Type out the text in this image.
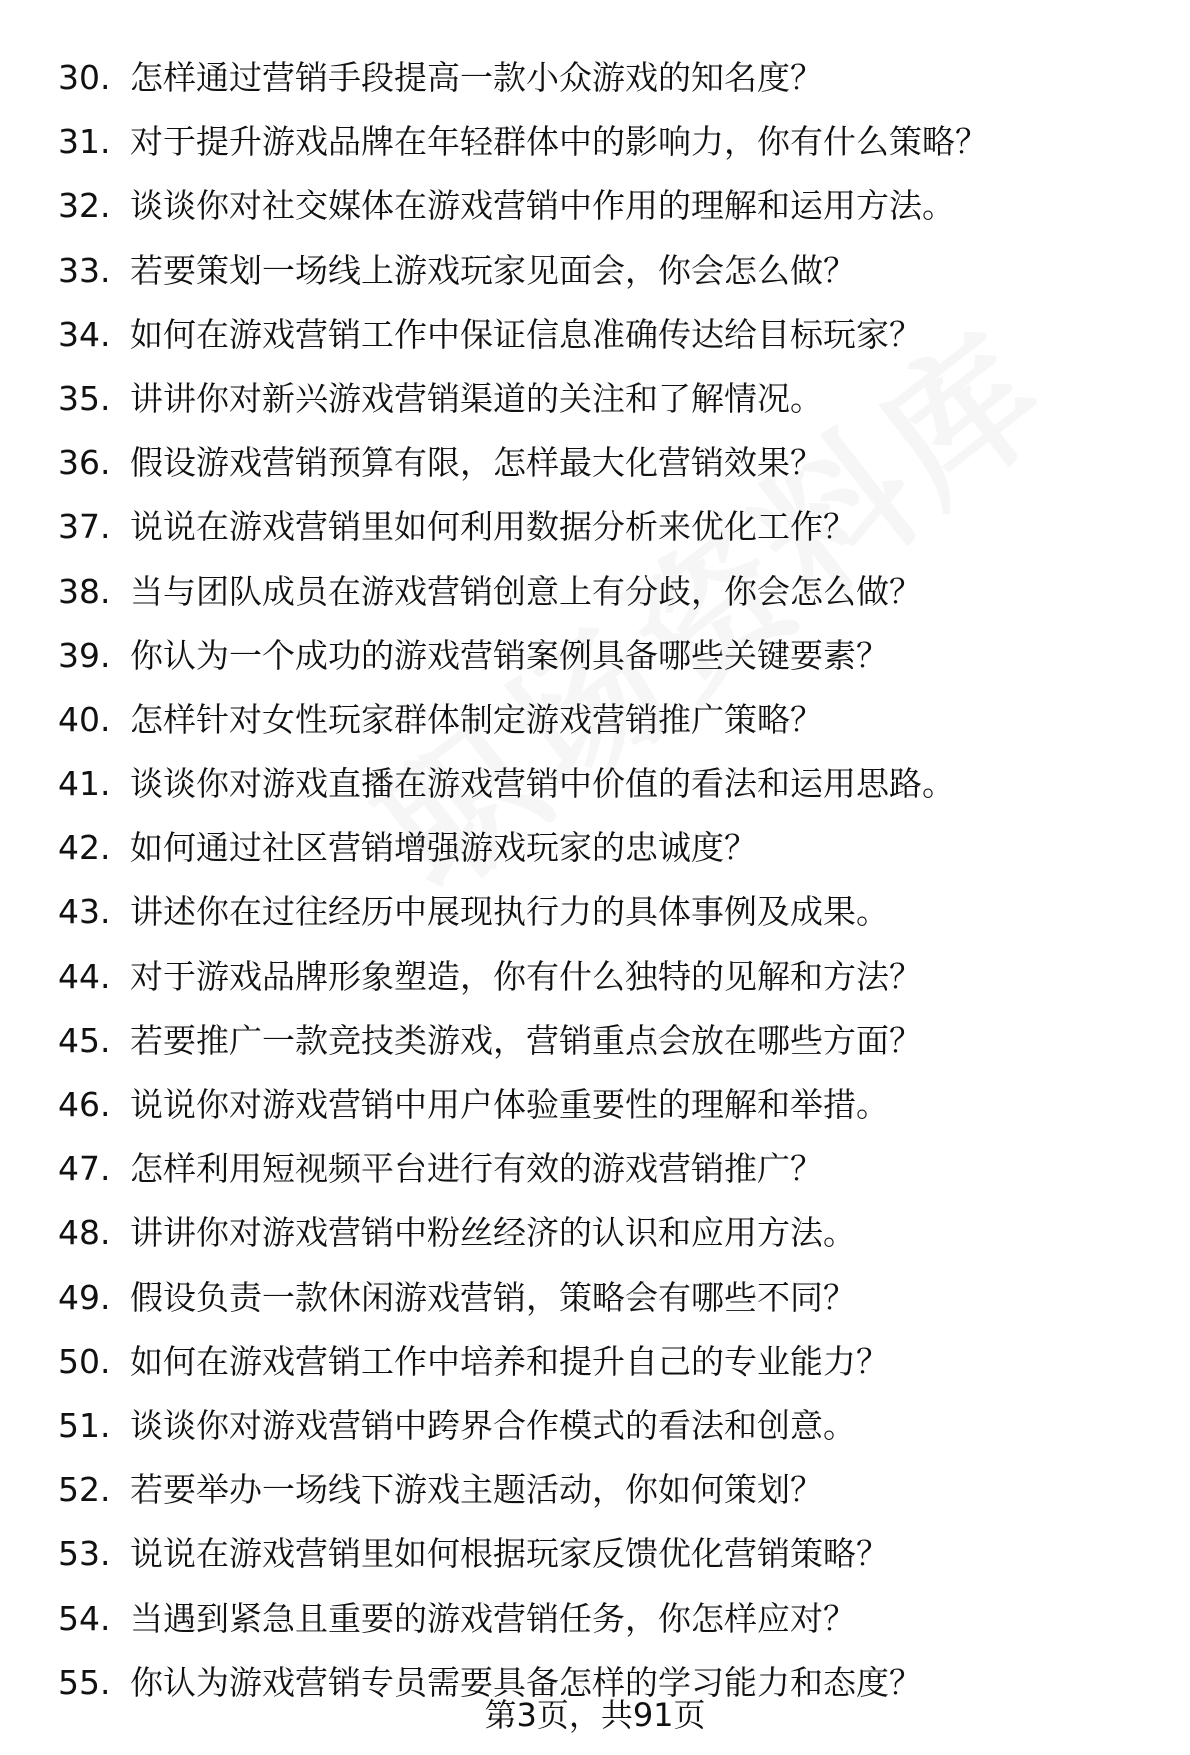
30. 怎样通过营销手段提高一款小众游戏的知名度？
31. 对于提升游戏品牌在年轻群体中的影响力，你有什么策略？
32. 谈谈你对社交媒体在游戏营销中作用的理解和运用方法。
33. 若要策划一场线上游戏玩家见面会，你会怎么做？
34. 如何在游戏营销工作中保证信息准确传达给目标玩家？
35. 讲讲你对新兴游戏营销渠道的关注和了解情况。
36. 假设游戏营销预算有限，怎样最大化营销效果？
37. 说说在游戏营销里如何利用数据分析来优化工作？
38. 当与团队成员在游戏营销创意上有分歧，你会怎么做？
39. 你认为一个成功的游戏营销案例具备哪些关键要素？
40. 怎样针对女性玩家群体制定游戏营销推广策略？
41. 谈谈你对游戏直播在游戏营销中价值的看法和运用思路。
42. 如何通过社区营销增强游戏玩家的忠诚度？
43. 讲述你在过往经历中展现执行力的具体事例及成果。
44. 对于游戏品牌形象塑造，你有什么独特的见解和方法？
45. 若要推广一款竞技类游戏，营销重点会放在哪些方面？
46. 说说你对游戏营销中用户体验重要性的理解和举措。
47. 怎样利用短视频平台进行有效的游戏营销推广？
48. 讲讲你对游戏营销中粉丝经济的认识和应用方法。
49. 假设负责一款休闲游戏营销，策略会有哪些不同？
50. 如何在游戏营销工作中培养和提升自己的专业能力？
51. 谈谈你对游戏营销中跨界合作模式的看法和创意。
52. 若要举办一场线下游戏主题活动，你如何策划？
53. 说说在游戏营销里如何根据玩家反馈优化营销策略？
54. 当遇到紧急且重要的游戏营销任务，你怎样应对？
55. 你认为游戏营销专员需要具备怎样的学习能力和态度？
第3页，共91页
